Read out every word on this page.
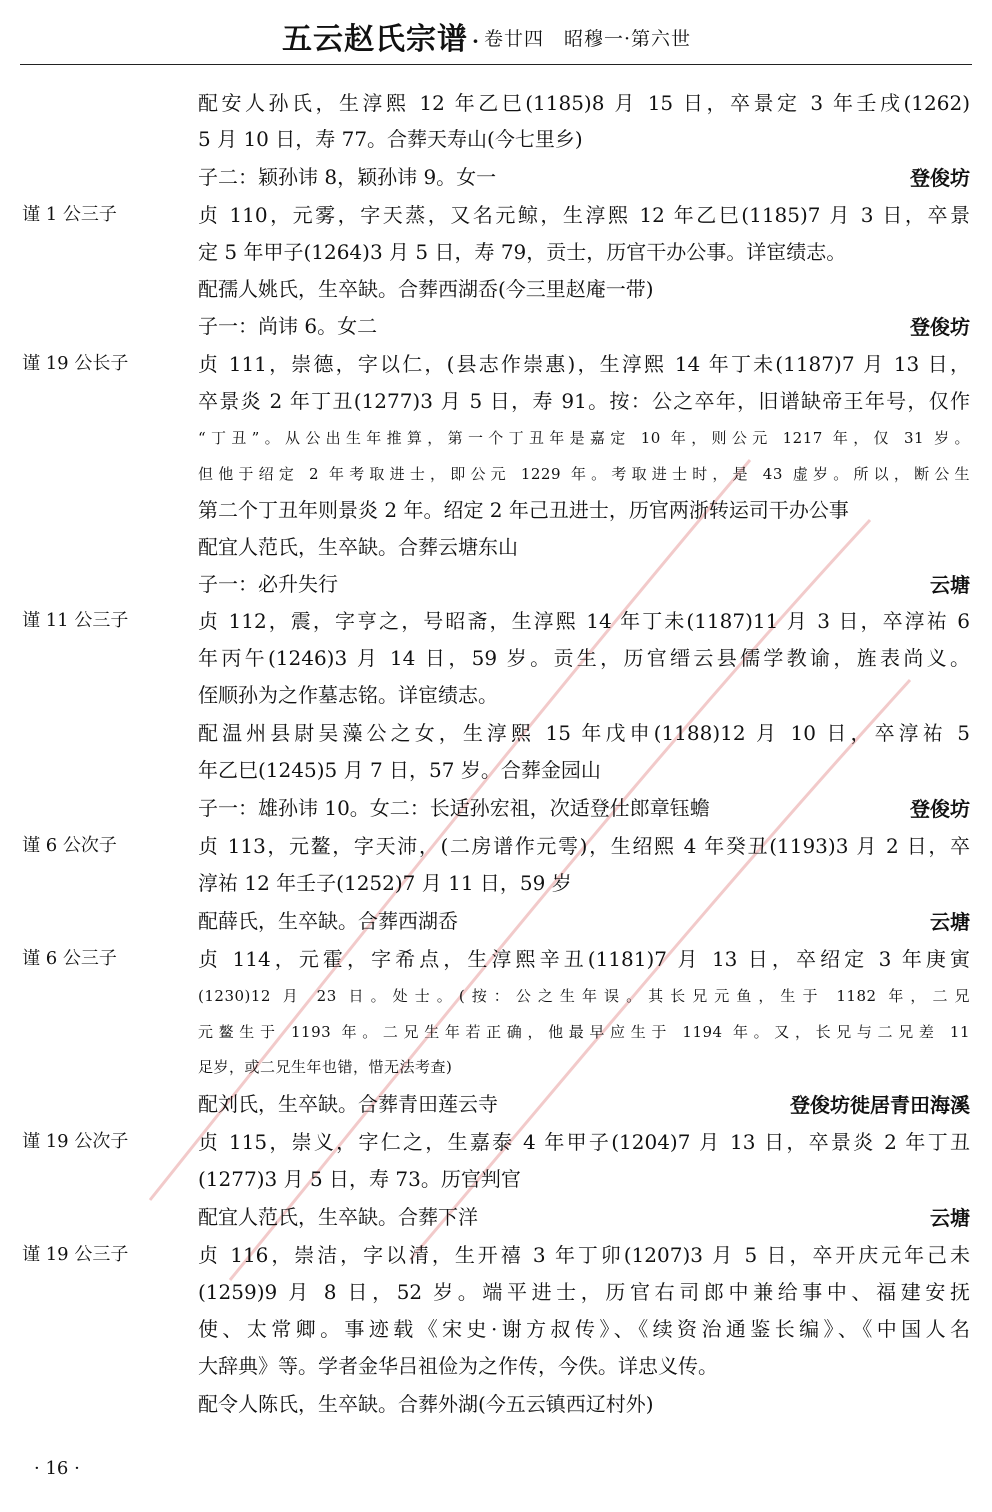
五云赵氏宗谱 · 卷廿四　昭穆一·第六世
配安人孙氏，生淳熙 12 年乙巳(1185)8 月 15 日，卒景定 3 年壬戌(1262)
5 月 10 日，寿 77。合葬天寿山(今七里乡)
子二：颖孙讳 8，颖孙讳 9。女一	登俊坊
谨 1 公三子	贞 110，元雾，字天蒸，又名元鲸，生淳熙 12 年乙巳(1185)7 月 3 日，卒景
定 5 年甲子(1264)3 月 5 日，寿 79，贡士，历官干办公事。详宦绩志。
配孺人姚氏，生卒缺。合葬西湖岙(今三里赵庵一带)
子一：尚讳 6。女二	登俊坊
谨 19 公长子	贞 111，崇德，字以仁，(县志作崇惠)，生淳熙 14 年丁未(1187)7 月 13 日，
卒景炎 2 年丁丑(1277)3 月 5 日，寿 91。按：公之卒年，旧谱缺帝王年号，仅作
“丁丑”。从公出生年推算，第一个丁丑年是嘉定 10 年，则公元 1217 年，仅 31 岁。
但他于绍定 2 年考取进士，即公元 1229 年。考取进士时，是 43 虚岁。所以，断公生
第二个丁丑年则景炎 2 年。绍定 2 年己丑进士，历官两浙转运司干办公事
配宜人范氏，生卒缺。合葬云塘东山
子一：必升失行	云塘
谨 11 公三子	贞 112，震，字亨之，号昭斋，生淳熙 14 年丁未(1187)11 月 3 日，卒淳祐 6
年丙午(1246)3 月 14 日，59 岁。贡生，历官缙云县儒学教谕，旌表尚义。
侄顺孙为之作墓志铭。详宦绩志。
配温州县尉吴藻公之女，生淳熙 15 年戊申(1188)12 月 10 日，卒淳祐 5
年乙巳(1245)5 月 7 日，57 岁。合葬金园山
子一：雄孙讳 10。女二：长适孙宏祖，次适登仕郎章钰蟾	登俊坊
谨 6 公次子	贞 113，元鳌，字天沛，(二房谱作元雩)，生绍熙 4 年癸丑(1193)3 月 2 日，卒
淳祐 12 年壬子(1252)7 月 11 日，59 岁
配薛氏，生卒缺。合葬西湖岙	云塘
谨 6 公三子	贞 114，元霍，字希点，生淳熙辛丑(1181)7 月 13 日，卒绍定 3 年庚寅
(1230)12 月 23 日。处士。(按：公之生年误。其长兄元鱼，生于 1182 年，二兄
元鳌生于 1193 年。二兄生年若正确，他最早应生于 1194 年。又，长兄与二兄差 11
足岁，或二兄生年也错，惜无法考查)
配刘氏，生卒缺。合葬青田莲云寺	登俊坊徙居青田海溪
谨 19 公次子	贞 115，崇义，字仁之，生嘉泰 4 年甲子(1204)7 月 13 日，卒景炎 2 年丁丑
(1277)3 月 5 日，寿 73。历官判官
配宜人范氏，生卒缺。合葬下洋	云塘
谨 19 公三子	贞 116，崇洁，字以清，生开禧 3 年丁卯(1207)3 月 5 日，卒开庆元年己未
(1259)9 月 8 日，52 岁。端平进士，历官右司郎中兼给事中、福建安抚
使、太常卿。事迹载《宋史·谢方叔传》、《续资治通鉴长编》、《中国人名
大辞典》等。学者金华吕祖俭为之作传，今佚。详忠义传。
配令人陈氏，生卒缺。合葬外湖(今五云镇西辽村外)
· 16 ·
